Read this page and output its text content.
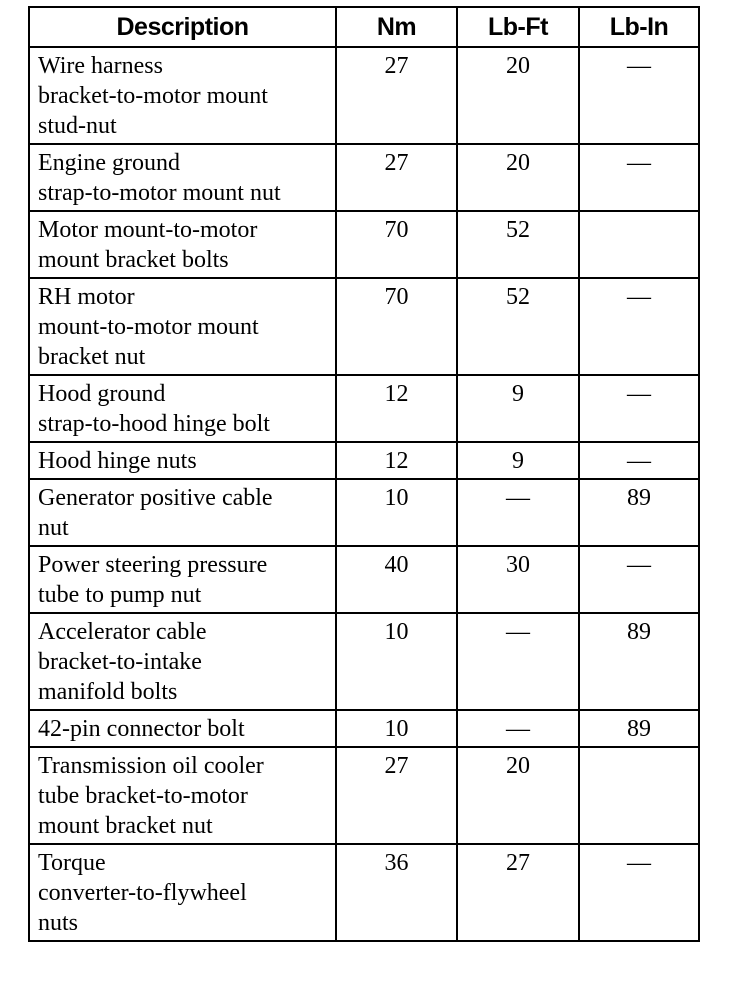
Description	Nm	Lb-Ft	Lb-In
Wire harness
bracket-to-motor mount
stud-nut	27	20	—
Engine ground
strap-to-motor mount nut	27	20	—
Motor mount-to-motor
mount bracket bolts	70	52	
RH motor
mount-to-motor mount
bracket nut	70	52	—
Hood ground
strap-to-hood hinge bolt	12	9	—
Hood hinge nuts	12	9	—
Generator positive cable
nut	10	—	89
Power steering pressure
tube to pump nut	40	30	—
Accelerator cable
bracket-to-intake
manifold bolts	10	—	89
42-pin connector bolt	10	—	89
Transmission oil cooler
tube bracket-to-motor
mount bracket nut	27	20	
Torque
converter-to-flywheel
nuts	36	27	—
